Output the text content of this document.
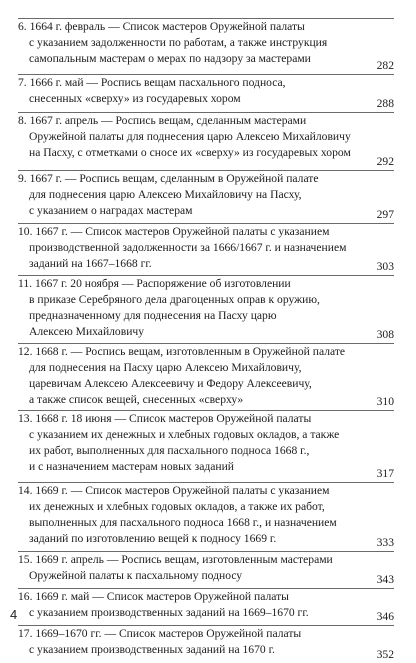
6. 1664 г. февраль — Список мастеров Оружейной палаты
с указанием задолженности по работам, а также инструкция
самопальным мастерам о мерах по надзору за мастерами
282
7. 1666 г. май — Роспись вещам пасхального подноса,
снесенных «сверху» из государевых хором	288
8. 1667 г. апрель — Роспись вещам, сделанным мастерами
Оружейной палаты для поднесения царю Алексею Михайловичу
на Пасху, с отметками о сносе их «сверху» из государевых хором
292
9. 1667 г. — Роспись вещам, сделанным в Оружейной палате
для поднесения царю Алексею Михайловичу на Пасху,
с указанием о наградах мастерам	297
10. 1667 г. — Список мастеров Оружейной палаты с указанием
производственной задолженности за 1666/1667 г. и назначением
заданий на 1667–1668 гг.	303
11. 1667 г. 20 ноября — Распоряжение об изготовлении
в приказе Серебряного дела драгоценных оправ к оружию,
предназначенному для поднесения на Пасху царю
Алексею Михайловичу	308
12. 1668 г. — Роспись вещам, изготовленным в Оружейной палате
для поднесения на Пасху царю Алексею Михайловичу,
царевичам Алексею Алексеевичу и Федору Алексеевичу,
а также список вещей, снесенных «сверху»	310
13. 1668 г. 18 июня — Список мастеров Оружейной палаты
с указанием их денежных и хлебных годовых окладов, а также
их работ, выполненных для пасхального подноса 1668 г.,
и с назначением мастерам новых заданий
317
14. 1669 г. — Список мастеров Оружейной палаты с указанием
их денежных и хлебных годовых окладов, а также их работ,
выполненных для пасхального подноса 1668 г., и назначением
заданий по изготовлению вещей к подносу 1669 г.	333
15. 1669 г. апрель — Роспись вещам, изготовленным мастерами
Оружейной палаты к пасхальному подносу	343
16. 1669 г. май — Список мастеров Оружейной палаты
с указанием производственных заданий на 1669–1670 гг.	346
17. 1669–1670 гг. — Список мастеров Оружейной палаты
с указанием производственных заданий на 1670 г.	352
4
